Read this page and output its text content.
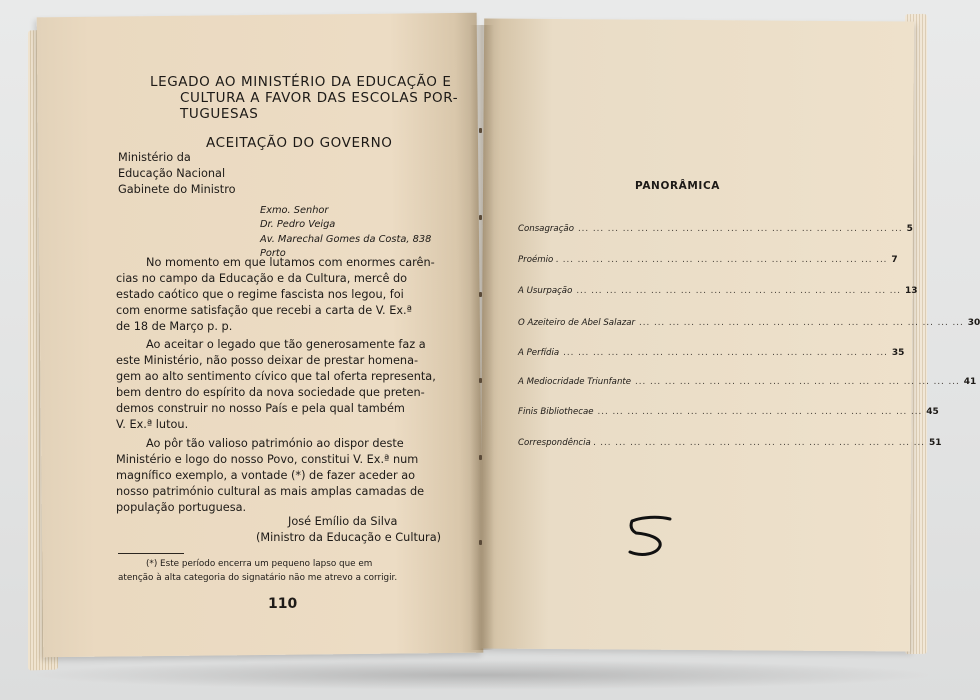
LEGADO AO MINISTÉRIO DA EDUCAÇÃO E
CULTURA A FAVOR DAS ESCOLAS POR-
TUGUESAS
ACEITAÇÃO DO GOVERNO
Ministério da
Educação Nacional
Gabinete do Ministro
Exmo. Senhor
Dr. Pedro Veiga
Av. Marechal Gomes da Costa, 838
Porto
No momento em que lutamos com enormes carên-
cias no campo da Educação e da Cultura, mercê do
estado caótico que o regime fascista nos legou, foi
com enorme satisfação que recebi a carta de V. Ex.ª
de 18 de Março p. p.
Ao aceitar o legado que tão generosamente faz a
este Ministério, não posso deixar de prestar homena-
gem ao alto sentimento cívico que tal oferta representa,
bem dentro do espírito da nova sociedade que preten-
demos construir no nosso País e pela qual também
V. Ex.ª lutou.
Ao pôr tão valioso património ao dispor deste
Ministério e logo do nosso Povo, constitui V. Ex.ª num
magnífico exemplo, a vontade (*) de fazer aceder ao
nosso património cultural as mais amplas camadas de
população portuguesa.
José Emílio da Silva
(Ministro da Educação e Cultura)
(*) Este período encerra um pequeno lapso que em
atenção à alta categoria do signatário não me atrevo a corrigir.
110
PANORÂMICA
Consagração ... ... ... ... ... ... ... ... ... ... ... ... ... ... ... ... ... ... ... ... ... ... 5
Proémio . ... ... ... ... ... ... ... ... ... ... ... ... ... ... ... ... ... ... ... ... ... ... 7
A Usurpação ... ... ... ... ... ... ... ... ... ... ... ... ... ... ... ... ... ... ... ... ... ... 13
O Azeiteiro de Abel Salazar ... ... ... ... ... ... ... ... ... ... ... ... ... ... ... ... ... ... ... ... ... ... 30
A Perfídia ... ... ... ... ... ... ... ... ... ... ... ... ... ... ... ... ... ... ... ... ... ... 35
A Mediocridade Triunfante ... ... ... ... ... ... ... ... ... ... ... ... ... ... ... ... ... ... ... ... ... ... 41
Finis Bibliothecae ... ... ... ... ... ... ... ... ... ... ... ... ... ... ... ... ... ... ... ... ... ... 45
Correspondência . ... ... ... ... ... ... ... ... ... ... ... ... ... ... ... ... ... ... ... ... ... ... 51
